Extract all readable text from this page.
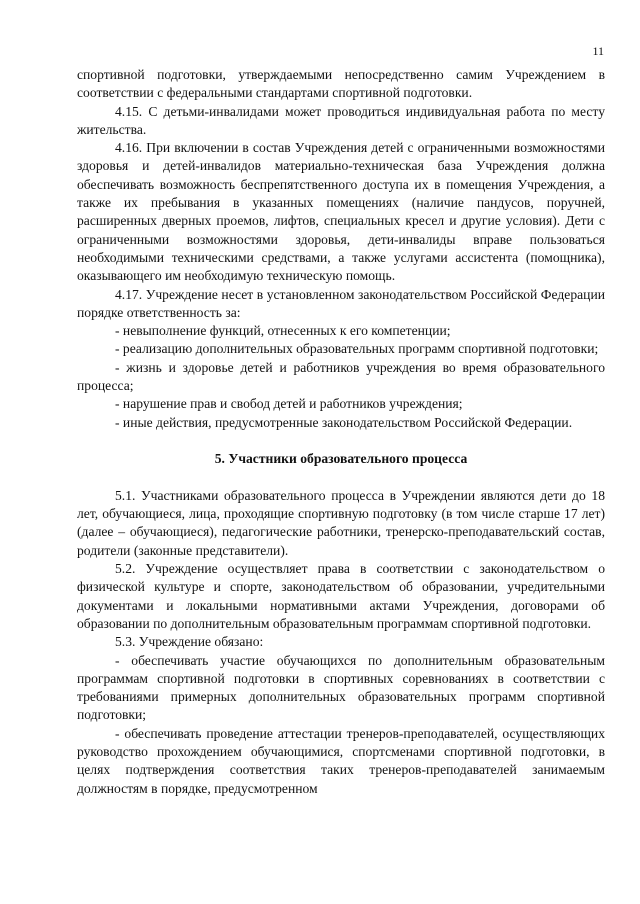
11

спортивной подготовки, утверждаемыми непосредственно самим Учреждением в соответствии с федеральными стандартами спортивной подготовки.

4.15. С детьми-инвалидами может проводиться индивидуальная работа по месту жительства.

4.16. При включении в состав Учреждения детей с ограниченными возможностями здоровья и детей-инвалидов материально-техническая база Учреждения должна обеспечивать возможность беспрепятственного доступа их в помещения Учреждения, а также их пребывания в указанных помещениях (наличие пандусов, поручней, расширенных дверных проемов, лифтов, специальных кресел и другие условия). Дети с ограниченными возможностями здоровья, дети-инвалиды вправе пользоваться необходимыми техническими средствами, а также услугами ассистента (помощника), оказывающего им необходимую техническую помощь.

4.17. Учреждение несет в установленном законодательством Российской Федерации порядке ответственность за:

- невыполнение функций, отнесенных к его компетенции;

- реализацию дополнительных образовательных программ спортивной подготовки;

- жизнь и здоровье детей и работников учреждения во время образовательного процесса;

- нарушение прав и свобод детей и работников учреждения;

- иные действия, предусмотренные законодательством Российской Федерации.

5. Участники образовательного процесса

5.1. Участниками образовательного процесса в Учреждении являются дети до 18 лет, обучающиеся, лица, проходящие спортивную подготовку (в том числе старше 17 лет) (далее – обучающиеся), педагогические работники, тренерско-преподавательский состав, родители (законные представители).

5.2. Учреждение осуществляет права в соответствии с законодательством о физической культуре и спорте, законодательством об образовании, учредительными документами и локальными нормативными актами Учреждения, договорами об образовании по дополнительным образовательным программам спортивной подготовки.

5.3. Учреждение обязано:

- обеспечивать участие обучающихся по дополнительным образовательным программам спортивной подготовки в спортивных соревнованиях в соответствии с требованиями примерных дополнительных образовательных программ спортивной подготовки;

- обеспечивать проведение аттестации тренеров-преподавателей, осуществляющих руководство прохождением обучающимися, спортсменами спортивной подготовки, в целях подтверждения соответствия таких тренеров-преподавателей занимаемым должностям в порядке, предусмотренном
